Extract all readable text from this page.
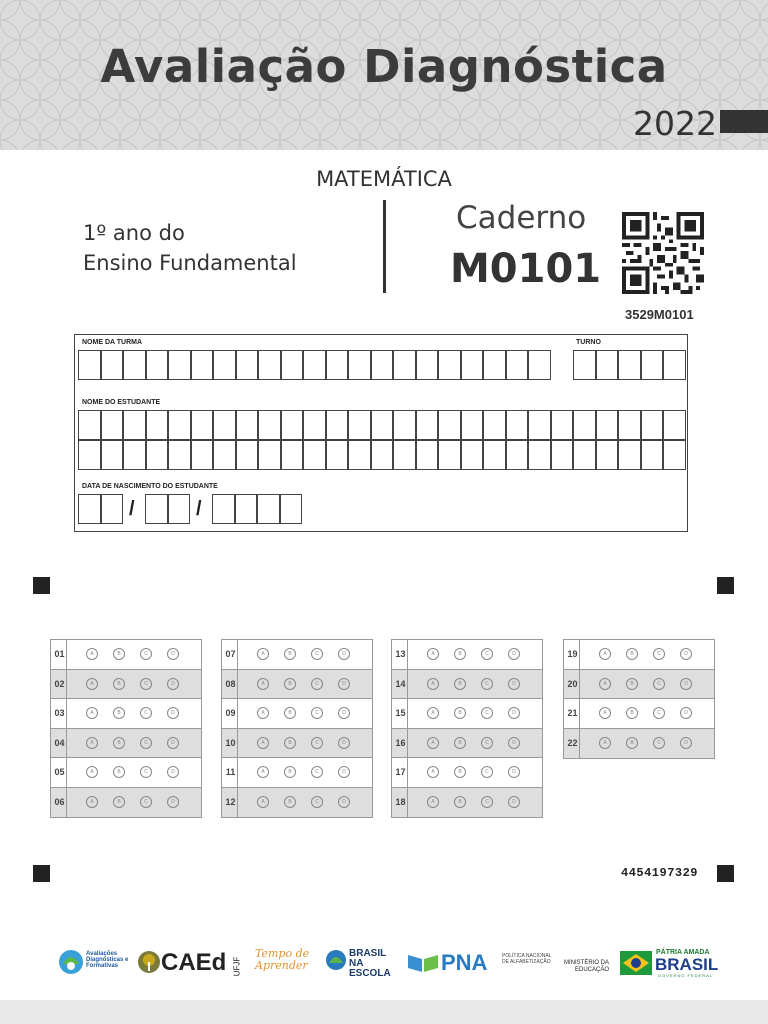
Avaliação Diagnóstica
2022
MATEMÁTICA
1º ano do
Ensino Fundamental
Caderno
M0101
3529M0101
NOME DA TURMA	TURNO
NOME DO ESTUDANTE
DATA DE NASCIMENTO DO ESTUDANTE
/	/
01	A	B	C	D
02	A	B	C	D
03	A	B	C	D
04	A	B	C	D
05	A	B	C	D
06	A	B	C	D
07	A	B	C	D
08	A	B	C	D
09	A	B	C	D
10	A	B	C	D
11	A	B	C	D
12	A	B	C	D
13	A	B	C	D
14	A	B	C	D
15	A	B	C	D
16	A	B	C	D
17	A	B	C	D
18	A	B	C	D
19	A	B	C	D
20	A	B	C	D
21	A	B	C	D
22	A	B	C	D
4454197329
Avaliações Diagnósticas e Formativas	CAEd UFJF
Tempo de Aprender
BRASIL NA ESCOLA PNA	POLÍTICA NACIONAL DE ALFABETIZAÇÃO	MINISTÉRIO DA EDUCAÇÃO
PÁTRIA AMADA
BRASIL
GOVERNO FEDERAL
